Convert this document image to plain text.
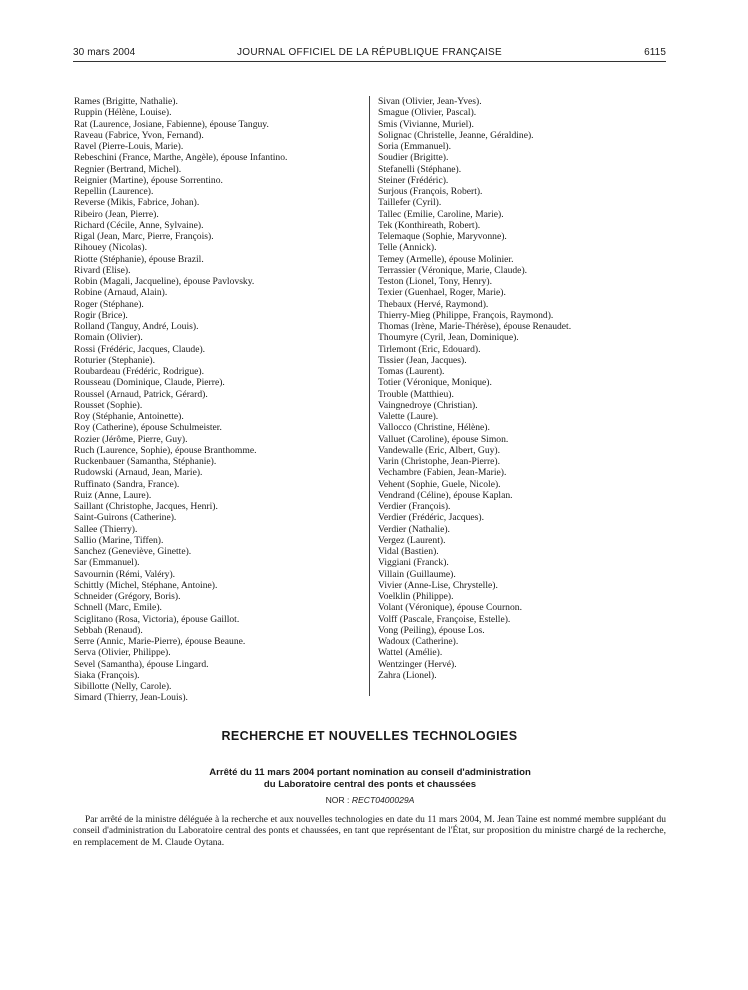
30 mars 2004	JOURNAL OFFICIEL DE LA RÉPUBLIQUE FRANÇAISE	6115
Rames (Brigitte, Nathalie).
Ruppin (Hélène, Louise).
Rat (Laurence, Josiane, Fabienne), épouse Tanguy.
Raveau (Fabrice, Yvon, Fernand).
Ravel (Pierre-Louis, Marie).
Rebeschini (France, Marthe, Angèle), épouse Infantino.
Regnier (Bertrand, Michel).
Reignier (Martine), épouse Sorrentino.
Repellin (Laurence).
Reverse (Mikis, Fabrice, Johan).
Ribeiro (Jean, Pierre).
Richard (Cécile, Anne, Sylvaine).
Rigal (Jean, Marc, Pierre, François).
Rihouey (Nicolas).
Riotte (Stéphanie), épouse Brazil.
Rivard (Elise).
Robin (Magali, Jacqueline), épouse Pavlovsky.
Robine (Arnaud, Alain).
Roger (Stéphane).
Rogir (Brice).
Rolland (Tanguy, André, Louis).
Romain (Olivier).
Rossi (Frédéric, Jacques, Claude).
Roturier (Stephanie).
Roubardeau (Frédéric, Rodrigue).
Rousseau (Dominique, Claude, Pierre).
Roussel (Arnaud, Patrick, Gérard).
Rousset (Sophie).
Roy (Stéphanie, Antoinette).
Roy (Catherine), épouse Schulmeister.
Rozier (Jérôme, Pierre, Guy).
Ruch (Laurence, Sophie), épouse Branthomme.
Ruckenbauer (Samantha, Stéphanie).
Rudowski (Arnaud, Jean, Marie).
Ruffinato (Sandra, France).
Ruiz (Anne, Laure).
Saillant (Christophe, Jacques, Henri).
Saint-Guirons (Catherine).
Sallee (Thierry).
Sallio (Marine, Tiffen).
Sanchez (Geneviève, Ginette).
Sar (Emmanuel).
Savournin (Rémi, Valéry).
Schittly (Michel, Stéphane, Antoine).
Schneider (Grégory, Boris).
Schnell (Marc, Emile).
Sciglitano (Rosa, Victoria), épouse Gaillot.
Sebbah (Renaud).
Serre (Annic, Marie-Pierre), épouse Beaune.
Serva (Olivier, Philippe).
Sevel (Samantha), épouse Lingard.
Siaka (François).
Sibillotte (Nelly, Carole).
Simard (Thierry, Jean-Louis).
Sivan (Olivier, Jean-Yves).
Smague (Olivier, Pascal).
Smis (Vivianne, Muriel).
Solignac (Christelle, Jeanne, Géraldine).
Soria (Emmanuel).
Soudier (Brigitte).
Stefanelli (Stéphane).
Steiner (Frédéric).
Surjous (François, Robert).
Taillefer (Cyril).
Tallec (Emilie, Caroline, Marie).
Tek (Konthireath, Robert).
Telemaque (Sophie, Maryvonne).
Telle (Annick).
Temey (Armelle), épouse Molinier.
Terrassier (Véronique, Marie, Claude).
Teston (Lionel, Tony, Henry).
Texier (Guenhael, Roger, Marie).
Thebaux (Hervé, Raymond).
Thierry-Mieg (Philippe, François, Raymond).
Thomas (Irène, Marie-Thérèse), épouse Renaudet.
Thoumyre (Cyril, Jean, Dominique).
Tirlemont (Eric, Edouard).
Tissier (Jean, Jacques).
Tomas (Laurent).
Totier (Véronique, Monique).
Trouble (Matthieu).
Vaingnedroye (Christian).
Valette (Laure).
Vallocco (Christine, Hélène).
Valluet (Caroline), épouse Simon.
Vandewalle (Eric, Albert, Guy).
Varin (Christophe, Jean-Pierre).
Vechambre (Fabien, Jean-Marie).
Vehent (Sophie, Guele, Nicole).
Vendrand (Céline), épouse Kaplan.
Verdier (François).
Verdier (Frédéric, Jacques).
Verdier (Nathalie).
Vergez (Laurent).
Vidal (Bastien).
Viggiani (Franck).
Villain (Guillaume).
Vivier (Anne-Lise, Chrystelle).
Voelklin (Philippe).
Volant (Véronique), épouse Cournon.
Volff (Pascale, Françoise, Estelle).
Vong (Peiling), épouse Los.
Wadoux (Catherine).
Wattel (Amélie).
Wentzinger (Hervé).
Zahra (Lionel).
RECHERCHE ET NOUVELLES TECHNOLOGIES
Arrêté du 11 mars 2004 portant nomination au conseil d'administration
du Laboratoire central des ponts et chaussées
NOR : RECT0400029A

Par arrêté de la ministre déléguée à la recherche et aux nouvelles technologies en date du 11 mars 2004, M. Jean Taine est nommé membre suppléant du conseil d'administration du Laboratoire central des ponts et chaussées, en tant que représentant de l'État, sur proposition du ministre chargé de la recherche, en remplacement de M. Claude Oytana.
